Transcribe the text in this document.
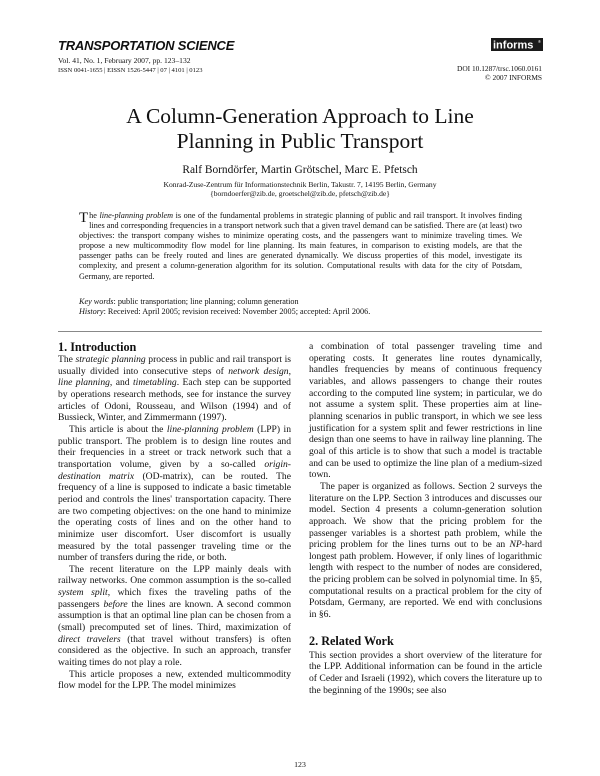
TRANSPORTATION SCIENCE
Vol. 41, No. 1, February 2007, pp. 123–132
ISSN 0041-1655 | EISSN 1526-5447 | 07 | 4101 | 0123
informs ®
DOI 10.1287/trsc.1060.0161
© 2007 INFORMS
A Column-Generation Approach to Line
Planning in Public Transport
Ralf Borndörfer, Martin Grötschel, Marc E. Pfetsch
Konrad-Zuse-Zentrum für Informationstechnik Berlin, Takustr. 7, 14195 Berlin, Germany
{borndoerfer@zib.de, groetschel@zib.de, pfetsch@zib.de}
The line-planning problem is one of the fundamental problems in strategic planning of public and rail transport. It involves finding lines and corresponding frequencies in a transport network such that a given travel demand can be satisfied. There are (at least) two objectives: the transport company wishes to minimize operating costs, and the passengers want to minimize traveling times. We propose a new multicommodity flow model for line planning. Its main features, in comparison to existing models, are that the passenger paths can be freely routed and lines are generated dynamically. We discuss properties of this model, investigate its complexity, and present a column-generation algorithm for its solution. Computational results with data for the city of Potsdam, Germany, are reported.
Key words: public transportation; line planning; column generation
History: Received: April 2005; revision received: November 2005; accepted: April 2006.
1. Introduction

The strategic planning process in public and rail transport is usually divided into consecutive steps of network design, line planning, and timetabling. Each step can be supported by operations research methods, see for instance the survey articles of Odoni, Rousseau, and Wilson (1994) and of Bussieck, Winter, and Zimmermann (1997).

This article is about the line-planning problem (LPP) in public transport. The problem is to design line routes and their frequencies in a street or track network such that a transportation volume, given by a so-called origin-destination matrix (OD-matrix), can be routed. The frequency of a line is supposed to indicate a basic timetable period and controls the lines' transportation capacity. There are two competing objectives: on the one hand to minimize the operating costs of lines and on the other hand to minimize user discomfort. User discomfort is usually measured by the total passenger traveling time or the number of transfers during the ride, or both.

The recent literature on the LPP mainly deals with railway networks. One common assumption is the so-called system split, which fixes the traveling paths of the passengers before the lines are known. A second common assumption is that an optimal line plan can be chosen from a (small) precomputed set of lines. Third, maximization of direct travelers (that travel without transfers) is often considered as the objective. In such an approach, transfer waiting times do not play a role.

This article proposes a new, extended multicommodity flow model for the LPP. The model minimizes

a combination of total passenger traveling time and operating costs. It generates line routes dynamically, handles frequencies by means of continuous frequency variables, and allows passengers to change their routes according to the computed line system; in particular, we do not assume a system split. These properties aim at line-planning scenarios in public transport, in which we see less justification for a system split and fewer restrictions in line design than one seems to have in railway line planning. The goal of this article is to show that such a model is tractable and can be used to optimize the line plan of a medium-sized town.

The paper is organized as follows. Section 2 surveys the literature on the LPP. Section 3 introduces and discusses our model. Section 4 presents a column-generation solution approach. We show that the pricing problem for the passenger variables is a shortest path problem, while the pricing problem for the lines turns out to be an NP-hard longest path problem. However, if only lines of logarithmic length with respect to the number of nodes are considered, the pricing problem can be solved in polynomial time. In §5, computational results on a practical problem for the city of Potsdam, Germany, are reported. We end with conclusions in §6.

2. Related Work

This section provides a short overview of the literature for the LPP. Additional information can be found in the article of Ceder and Israeli (1992), which covers the literature up to the beginning of the 1990s; see also

123
